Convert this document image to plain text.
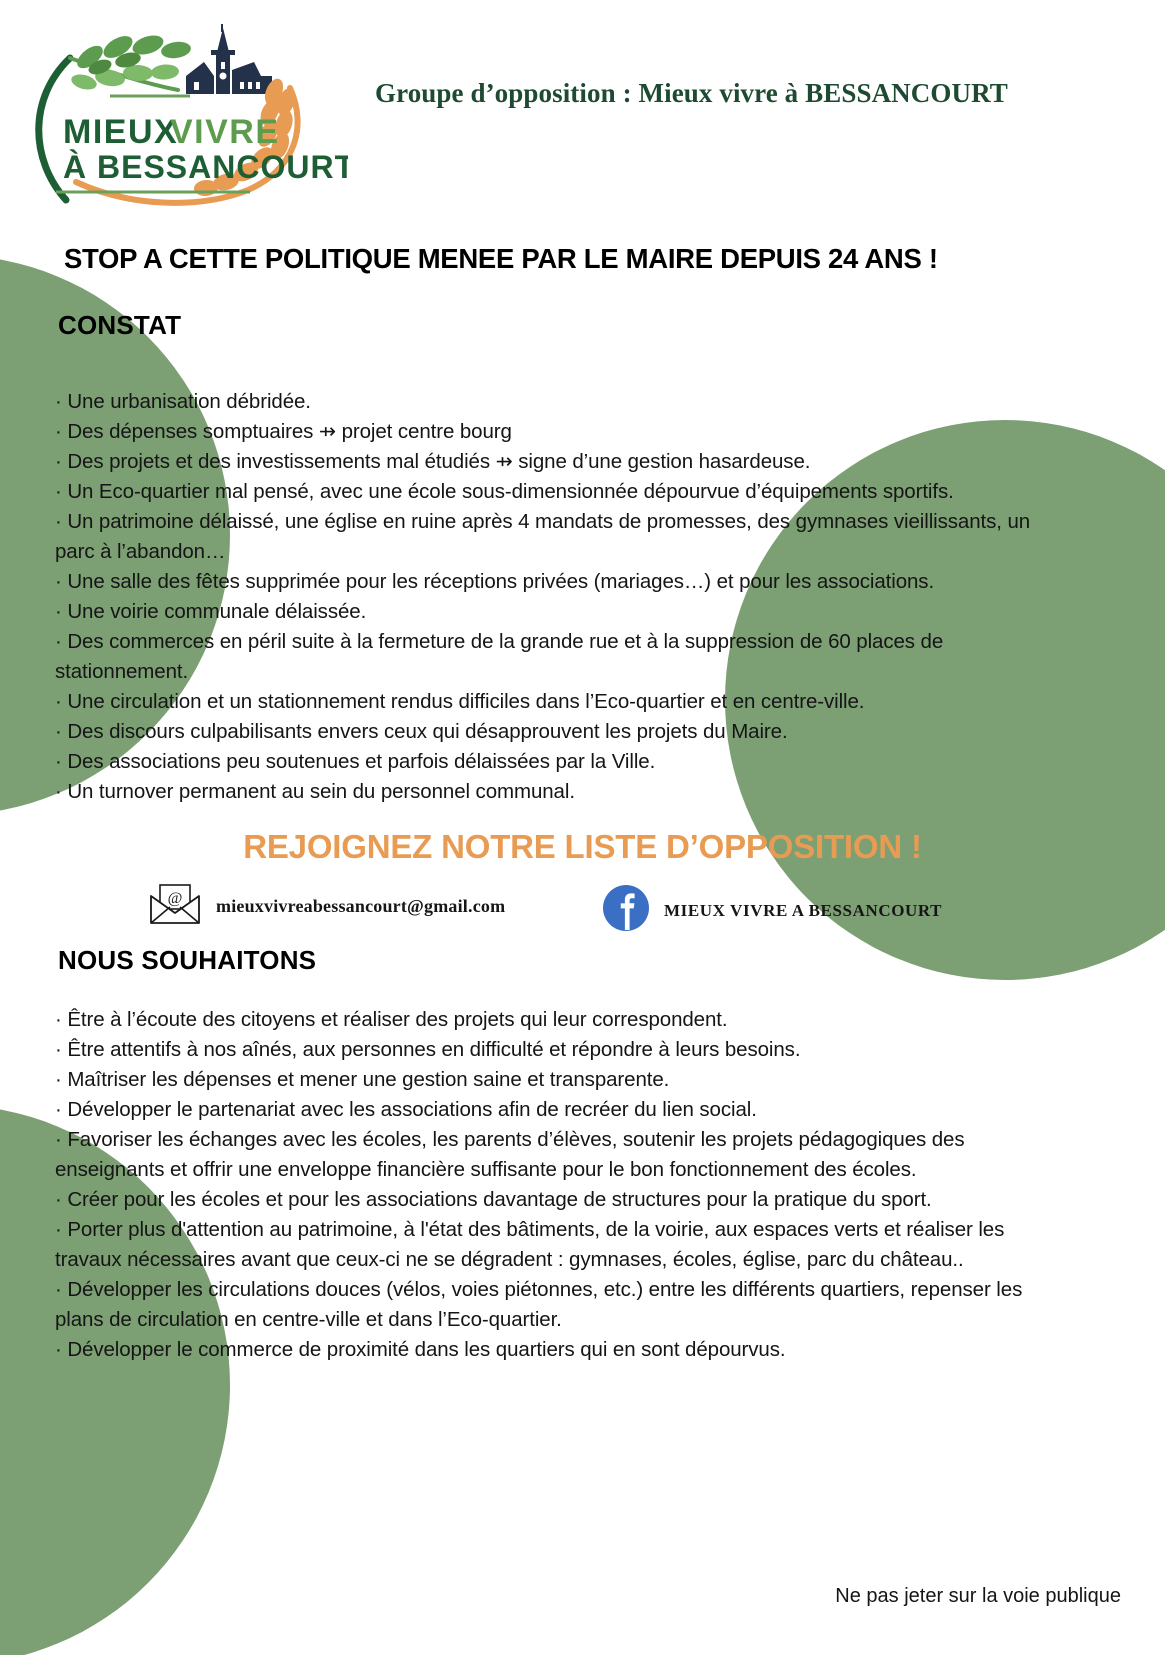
MIEUX
VIVRE
À BESSANCOURT
Groupe d’opposition : Mieux vivre à BESSANCOURT
STOP A CETTE POLITIQUE MENEE PAR LE MAIRE DEPUIS 24 ANS !
CONSTAT

· Une urbanisation débridée.

· Des dépenses somptuaires ⇸ projet centre bourg

· Des projets et des investissements mal étudiés ⇸ signe d’une gestion hasardeuse.

· Un Eco-quartier mal pensé, avec une école sous-dimensionnée dépourvue d’équipements sportifs.

· Un patrimoine délaissé, une église en ruine après 4 mandats de promesses, des gymnases vieillissants, un parc à l’abandon…

· Une salle des fêtes supprimée pour les réceptions privées (mariages…) et pour les associations.

· Une voirie communale délaissée.

· Des commerces en péril suite à la fermeture de la grande rue et à la suppression de 60 places de stationnement.

· Une circulation et un stationnement rendus difficiles dans l’Eco-quartier et en centre-ville.

· Des discours culpabilisants envers ceux qui désapprouvent les projets du Maire.

· Des associations peu soutenues et parfois délaissées par la Ville.

· Un turnover permanent au sein du personnel communal.

REJOIGNEZ NOTRE LISTE D’OPPOSITION !
@ mieuxvivreabessancourt@gmail.com	MIEUX VIVRE A BESSANCOURT
NOUS SOUHAITONS

· Être à l’écoute des citoyens et réaliser des projets qui leur correspondent.

· Être attentifs à nos aînés, aux personnes en difficulté et répondre à leurs besoins.

· Maîtriser les dépenses et mener une gestion saine et transparente.

· Développer le partenariat avec les associations afin de recréer du lien social.

· Favoriser les échanges avec les écoles, les parents d’élèves, soutenir les projets pédagogiques des enseignants et offrir une enveloppe financière suffisante pour le bon fonctionnement des écoles.

· Créer pour les écoles et pour les associations davantage de structures pour la pratique du sport.

· Porter plus d'attention au patrimoine, à l'état des bâtiments, de la voirie, aux espaces verts et réaliser les travaux nécessaires avant que ceux-ci ne se dégradent : gymnases, écoles, église, parc du château..

· Développer les circulations douces (vélos, voies piétonnes, etc.) entre les différents quartiers, repenser les plans de circulation en centre-ville et dans l’Eco-quartier.

· Développer le commerce de proximité dans les quartiers qui en sont dépourvus.

Ne pas jeter sur la voie publique
